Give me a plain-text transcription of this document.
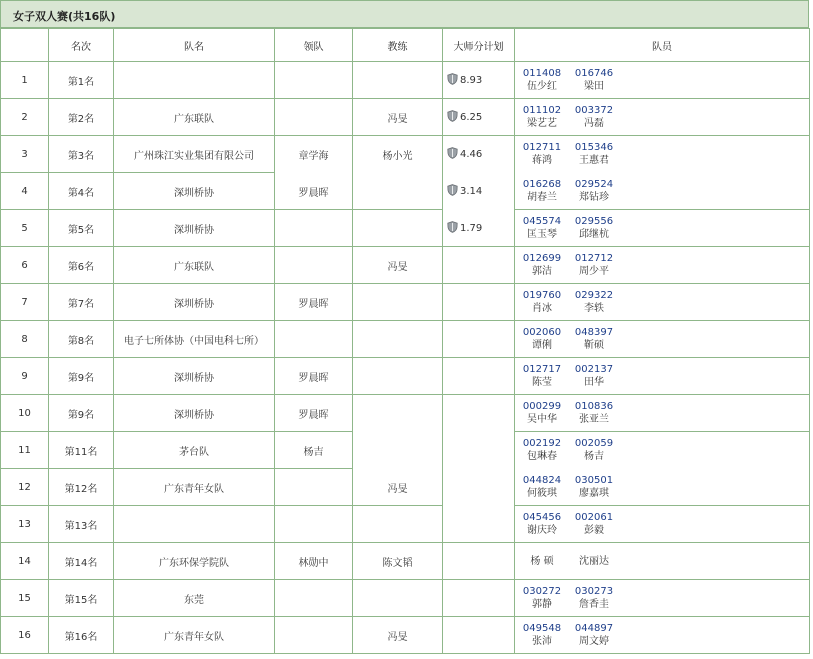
女子双人赛(共16队)
	名次	队名	领队	教练	大师分计划	队员
1	第1名				8.93	011408
伍少红
016746
梁田

2	第2名	广东联队		冯旻	6.25	011102
梁艺艺
003372
冯磊

3	第3名	广州珠江实业集团有限公司	章学海	杨小光	4.46	012711
蒋鸿
015346
王惠君

4	第4名	深圳桥协	罗晨晖		3.14	016268
胡春兰
029524
郑钻珍

5	第5名	深圳桥协			1.79	045574
匡玉琴
029556
邱继杭

6	第6名	广东联队		冯旻		012699
郭洁
012712
周少平

7	第7名	深圳桥协	罗晨晖			019760
肖冰
029322
李轶

8	第8名	电子七所体协（中国电科七所）				002060
谭俐
048397
靳硕

9	第9名	深圳桥协	罗晨晖			012717
陈莹
002137
田华

10	第9名	深圳桥协	罗晨晖			000299
吴中华
010836
张亚兰

11	第11名	茅台队	杨吉			002192
包琳春
002059
杨吉

12	第12名	广东青年女队		冯旻		044824
何筱琪
030501
廖嘉琪

13	第13名					045456
谢庆玲
002061
彭毅

14	第14名	广东环保学院队	林勋中	陈文韬		杨 硕 沈丽达

15	第15名	东莞				030272
郭静
030273
詹香圭

16	第16名	广东青年女队		冯旻		049548
张沛
044897
周文婷
